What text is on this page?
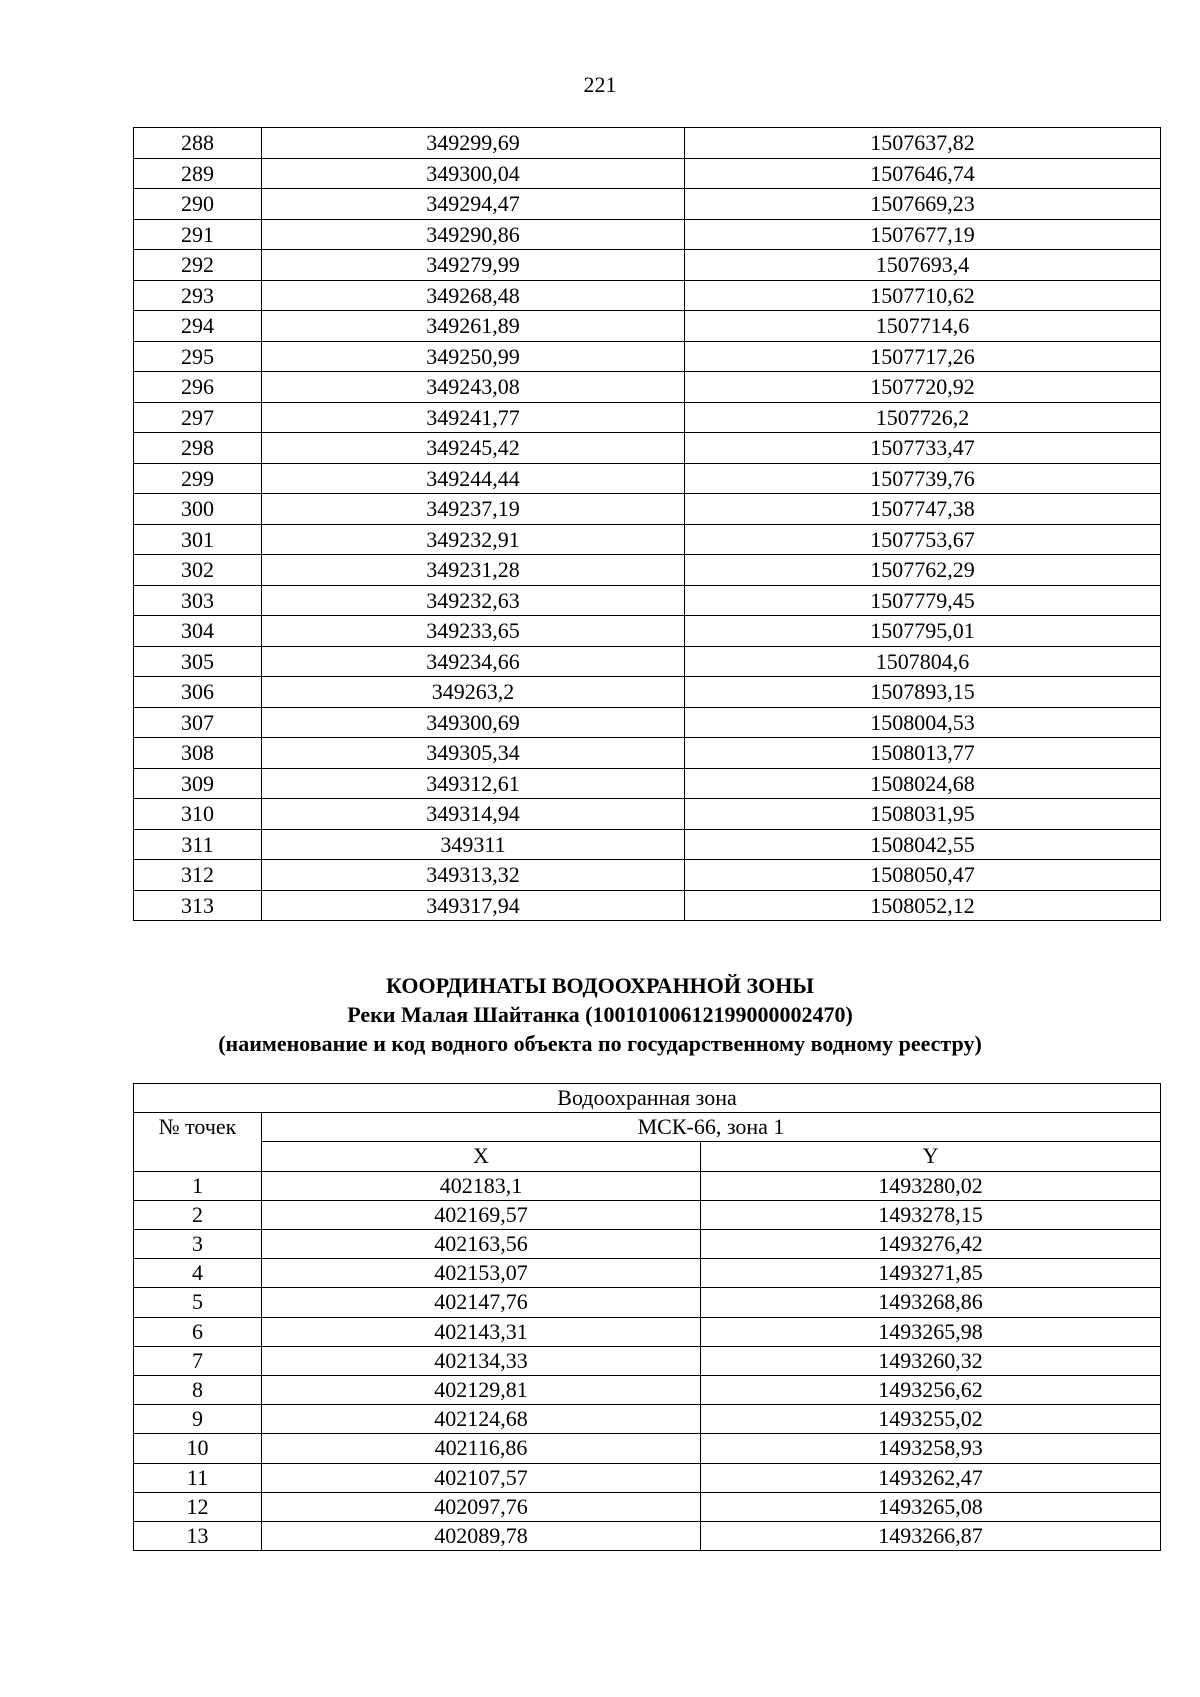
221
288	349299,69	1507637,82
289	349300,04	1507646,74
290	349294,47	1507669,23
291	349290,86	1507677,19
292	349279,99	1507693,4
293	349268,48	1507710,62
294	349261,89	1507714,6
295	349250,99	1507717,26
296	349243,08	1507720,92
297	349241,77	1507726,2
298	349245,42	1507733,47
299	349244,44	1507739,76
300	349237,19	1507747,38
301	349232,91	1507753,67
302	349231,28	1507762,29
303	349232,63	1507779,45
304	349233,65	1507795,01
305	349234,66	1507804,6
306	349263,2	1507893,15
307	349300,69	1508004,53
308	349305,34	1508013,77
309	349312,61	1508024,68
310	349314,94	1508031,95
311	349311	1508042,55
312	349313,32	1508050,47
313	349317,94	1508052,12
КООРДИНАТЫ ВОДООХРАННОЙ ЗОНЫ
Реки Малая Шайтанка (10010100612199000002470)
(наименование и код водного объекта по государственному водному реестру)
Водоохранная зона		
№ точек	МСК-66, зона 1	
	X	Y
1	402183,1	1493280,02
2	402169,57	1493278,15
3	402163,56	1493276,42
4	402153,07	1493271,85
5	402147,76	1493268,86
6	402143,31	1493265,98
7	402134,33	1493260,32
8	402129,81	1493256,62
9	402124,68	1493255,02
10	402116,86	1493258,93
11	402107,57	1493262,47
12	402097,76	1493265,08
13	402089,78	1493266,87
